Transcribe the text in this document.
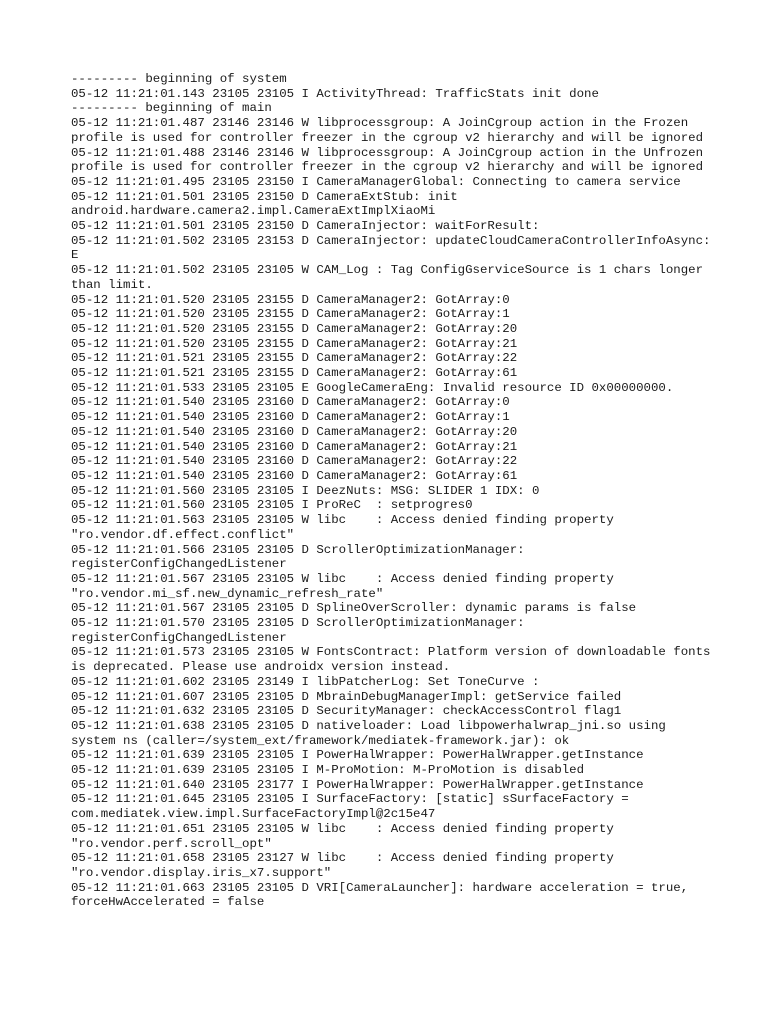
--------- beginning of system
05-12 11:21:01.143 23105 23105 I ActivityThread: TrafficStats init done
--------- beginning of main
05-12 11:21:01.487 23146 23146 W libprocessgroup: A JoinCgroup action in the Frozen profile is used for controller freezer in the cgroup v2 hierarchy and will be ignored
05-12 11:21:01.488 23146 23146 W libprocessgroup: A JoinCgroup action in the Unfrozen profile is used for controller freezer in the cgroup v2 hierarchy and will be ignored
05-12 11:21:01.495 23105 23150 I CameraManagerGlobal: Connecting to camera service
05-12 11:21:01.501 23105 23150 D CameraExtStub: init android.hardware.camera2.impl.CameraExtImplXiaoMi
05-12 11:21:01.501 23105 23150 D CameraInjector: waitForResult:
05-12 11:21:01.502 23105 23153 D CameraInjector: updateCloudCameraControllerInfoAsync: E
05-12 11:21:01.502 23105 23105 W CAM_Log : Tag ConfigGserviceSource is 1 chars longer than limit.
05-12 11:21:01.520 23105 23155 D CameraManager2: GotArray:0
05-12 11:21:01.520 23105 23155 D CameraManager2: GotArray:1
05-12 11:21:01.520 23105 23155 D CameraManager2: GotArray:20
05-12 11:21:01.520 23105 23155 D CameraManager2: GotArray:21
05-12 11:21:01.521 23105 23155 D CameraManager2: GotArray:22
05-12 11:21:01.521 23105 23155 D CameraManager2: GotArray:61
05-12 11:21:01.533 23105 23105 E GoogleCameraEng: Invalid resource ID 0x00000000.
05-12 11:21:01.540 23105 23160 D CameraManager2: GotArray:0
05-12 11:21:01.540 23105 23160 D CameraManager2: GotArray:1
05-12 11:21:01.540 23105 23160 D CameraManager2: GotArray:20
05-12 11:21:01.540 23105 23160 D CameraManager2: GotArray:21
05-12 11:21:01.540 23105 23160 D CameraManager2: GotArray:22
05-12 11:21:01.540 23105 23160 D CameraManager2: GotArray:61
05-12 11:21:01.560 23105 23105 I DeezNuts: MSG: SLIDER 1 IDX: 0
05-12 11:21:01.560 23105 23105 I ProReC  : setprogres0
05-12 11:21:01.563 23105 23105 W libc    : Access denied finding property "ro.vendor.df.effect.conflict"
05-12 11:21:01.566 23105 23105 D ScrollerOptimizationManager: registerConfigChangedListener
05-12 11:21:01.567 23105 23105 W libc    : Access denied finding property "ro.vendor.mi_sf.new_dynamic_refresh_rate"
05-12 11:21:01.567 23105 23105 D SplineOverScroller: dynamic params is false
05-12 11:21:01.570 23105 23105 D ScrollerOptimizationManager: registerConfigChangedListener
05-12 11:21:01.573 23105 23105 W FontsContract: Platform version of downloadable fonts is deprecated. Please use androidx version instead.
05-12 11:21:01.602 23105 23149 I libPatcherLog: Set ToneCurve :
05-12 11:21:01.607 23105 23105 D MbrainDebugManagerImpl: getService failed
05-12 11:21:01.632 23105 23105 D SecurityManager: checkAccessControl flag1
05-12 11:21:01.638 23105 23105 D nativeloader: Load libpowerhalwrap_jni.so using system ns (caller=/system_ext/framework/mediatek-framework.jar): ok
05-12 11:21:01.639 23105 23105 I PowerHalWrapper: PowerHalWrapper.getInstance
05-12 11:21:01.639 23105 23105 I M-ProMotion: M-ProMotion is disabled
05-12 11:21:01.640 23105 23177 I PowerHalWrapper: PowerHalWrapper.getInstance
05-12 11:21:01.645 23105 23105 I SurfaceFactory: [static] sSurfaceFactory = com.mediatek.view.impl.SurfaceFactoryImpl@2c15e47
05-12 11:21:01.651 23105 23105 W libc    : Access denied finding property "ro.vendor.perf.scroll_opt"
05-12 11:21:01.658 23105 23127 W libc    : Access denied finding property "ro.vendor.display.iris_x7.support"
05-12 11:21:01.663 23105 23105 D VRI[CameraLauncher]: hardware acceleration = true, forceHwAccelerated = false
